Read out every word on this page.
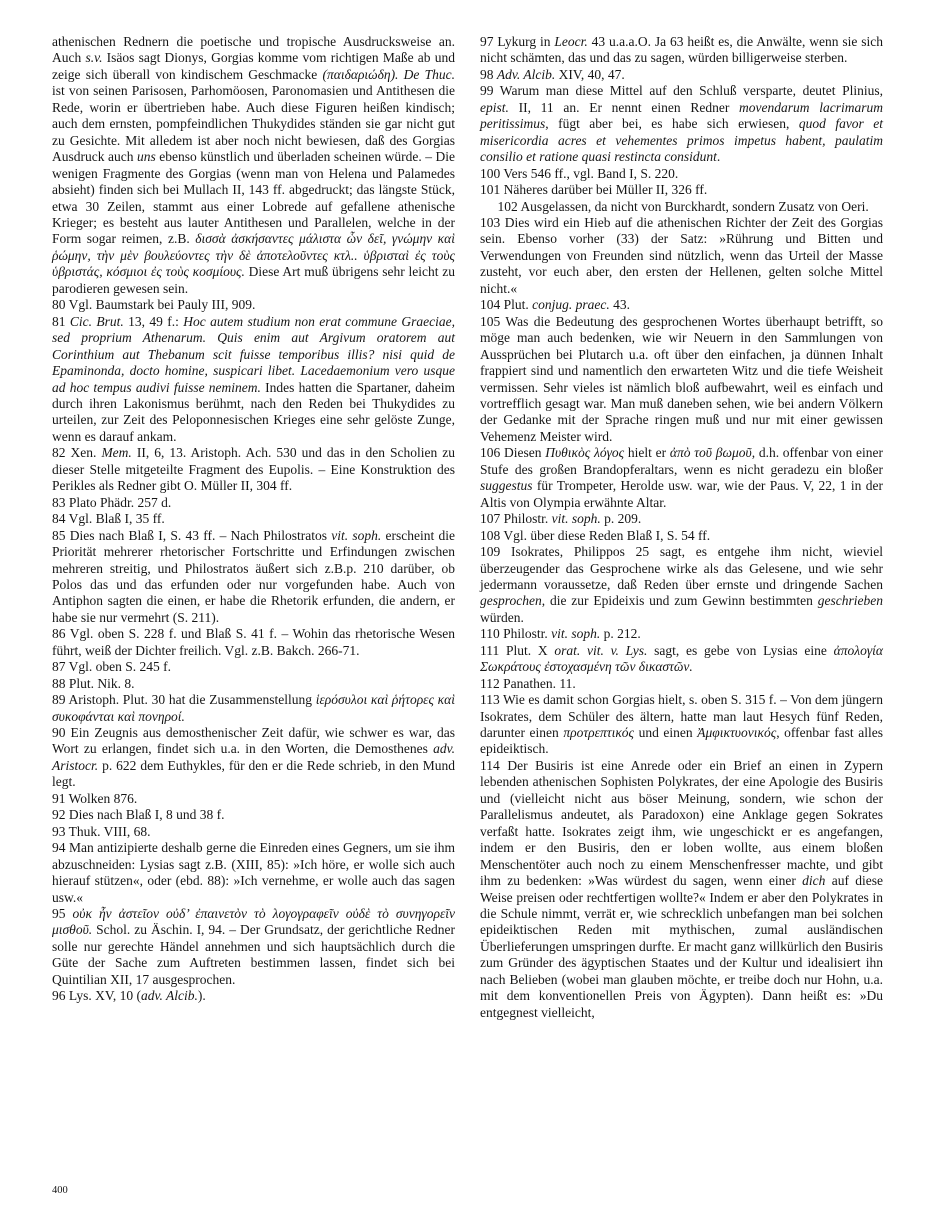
athenischen Rednern die poetische und tropische Ausdrucksweise an. Auch s.v. Isäos sagt Dionys, Gorgias komme vom richtigen Maße ab und zeige sich überall von kindischem Geschmacke (παιδαριώδη). De Thuc. ist von seinen Parisosen, Parhomöosen, Paronomasien und Antithesen die Rede, worin er übertrieben habe. Auch diese Figuren heißen kindisch; auch dem ernsten, pompfeindlichen Thukydides ständen sie gar nicht gut zu Gesichte. Mit alledem ist aber noch nicht bewiesen, daß des Gorgias Ausdruck auch uns ebenso künstlich und überladen scheinen würde. – Die wenigen Fragmente des Gorgias (wenn man von Helena und Palamedes absieht) finden sich bei Mullach II, 143 ff. abgedruckt; das längste Stück, etwa 30 Zeilen, stammt aus einer Lobrede auf gefallene athenische Krieger; es besteht aus lauter Antithesen und Parallelen, welche in der Form sogar reimen, z.B. δισσὰ ἀσκήσαντες μάλιστα ὧν δεῖ, γνώμην καὶ ῥώμην, τὴν μὲν βουλεύοντες τὴν δὲ ἀποτελοῦντες κτλ.. ὑβρισταὶ ἐς τοὺς ὑβριστάς, κόσμιοι ἐς τοὺς κοσμίους. Diese Art muß übrigens sehr leicht zu parodieren gewesen sein.

80 Vgl. Baumstark bei Pauly III, 909.

81 Cic. Brut. 13, 49 f.: Hoc autem studium non erat commune Graeciae, sed proprium Athenarum. Quis enim aut Argivum oratorem aut Corinthium aut Thebanum scit fuisse temporibus illis? nisi quid de Epaminonda, docto homine, suspicari libet. Lacedaemonium vero usque ad hoc tempus audivi fuisse neminem. Indes hatten die Spartaner, daheim durch ihren Lakonismus berühmt, nach den Reden bei Thukydides zu urteilen, zur Zeit des Peloponnesischen Krieges eine sehr gelöste Zunge, wenn es darauf ankam.

82 Xen. Mem. II, 6, 13. Aristoph. Ach. 530 und das in den Scholien zu dieser Stelle mitgeteilte Fragment des Eupolis. – Eine Konstruktion des Perikles als Redner gibt O. Müller II, 304 ff.

83 Plato Phädr. 257 d.

84 Vgl. Blaß I, 35 ff.

85 Dies nach Blaß I, S. 43 ff. – Nach Philostratos vit. soph. erscheint die Priorität mehrerer rhetorischer Fortschritte und Erfindungen zwischen mehreren streitig, und Philostratos äußert sich z.B.p. 210 darüber, ob Polos das und das erfunden oder nur vorgefunden habe. Auch von Antiphon sagten die einen, er habe die Rhetorik erfunden, die andern, er habe sie nur vermehrt (S. 211).

86 Vgl. oben S. 228 f. und Blaß S. 41 f. – Wohin das rhetorische Wesen führt, weiß der Dichter freilich. Vgl. z.B. Bakch. 266-71.

87 Vgl. oben S. 245 f.

88 Plut. Nik. 8.

89 Aristoph. Plut. 30 hat die Zusammenstellung ἱερόσυλοι καὶ ῥήτορες καὶ συκοφάνται καὶ πονηροί.

90 Ein Zeugnis aus demosthenischer Zeit dafür, wie schwer es war, das Wort zu erlangen, findet sich u.a. in den Worten, die Demosthenes adv. Aristocr. p. 622 dem Euthykles, für den er die Rede schrieb, in den Mund legt.

91 Wolken 876.

92 Dies nach Blaß I, 8 und 38 f.

93 Thuk. VIII, 68.

94 Man antizipierte deshalb gerne die Einreden eines Gegners, um sie ihm abzuschneiden: Lysias sagt z.B. (XIII, 85): »Ich höre, er wolle sich auch hierauf stützen«, oder (ebd. 88): »Ich vernehme, er wolle auch das sagen usw.«

95 οὐκ ἦν ἀστεῖον οὐδ’ ἐπαινετὸν τὸ λογογραφεῖν οὐδὲ τὸ συνηγορεῖν μισθοῦ. Schol. zu Äschin. I, 94. – Der Grundsatz, der gerichtliche Redner solle nur gerechte Händel annehmen und sich hauptsächlich durch die Güte der Sache zum Auftreten bestimmen lassen, findet sich bei Quintilian XII, 17 ausgesprochen.

96 Lys. XV, 10 (adv. Alcib.).

97 Lykurg in Leocr. 43 u.a.a.O. Ja 63 heißt es, die Anwälte, wenn sie sich nicht schämten, das und das zu sagen, würden billigerweise sterben.

98 Adv. Alcib. XIV, 40, 47.

99 Warum man diese Mittel auf den Schluß versparte, deutet Plinius, epist. II, 11 an. Er nennt einen Redner movendarum lacrimarum peritissimus, fügt aber bei, es habe sich erwiesen, quod favor et misericordia acres et vehementes primos impetus habent, paulatim consilio et ratione quasi restincta considunt.

100 Vers 546 ff., vgl. Band I, S. 220.

101 Näheres darüber bei Müller II, 326 ff.

102 Ausgelassen, da nicht von Burckhardt, sondern Zusatz von Oeri.

103 Dies wird ein Hieb auf die athenischen Richter der Zeit des Gorgias sein. Ebenso vorher (33) der Satz: »Rührung und Bitten und Verwendungen von Freunden sind nützlich, wenn das Urteil der Masse zusteht, vor euch aber, den ersten der Hellenen, gelten solche Mittel nicht.«

104 Plut. conjug. praec. 43.

105 Was die Bedeutung des gesprochenen Wortes überhaupt betrifft, so möge man auch bedenken, wie wir Neuern in den Sammlungen von Aussprüchen bei Plutarch u.a. oft über den einfachen, ja dünnen Inhalt frappiert sind und namentlich den erwarteten Witz und die tiefe Weisheit vermissen. Sehr vieles ist nämlich bloß aufbewahrt, weil es einfach und vortrefflich gesagt war. Man muß daneben sehen, wie bei andern Völkern der Gedanke mit der Sprache ringen muß und nur mit einer gewissen Vehemenz Meister wird.

106 Diesen Πυθικὸς λόγος hielt er ἀπὸ τοῦ βωμοῦ, d.h. offenbar von einer Stufe des großen Brandopferaltars, wenn es nicht geradezu ein bloßer suggestus für Trompeter, Herolde usw. war, wie der Paus. V, 22, 1 in der Altis von Olympia erwähnte Altar.

107 Philostr. vit. soph. p. 209.

108 Vgl. über diese Reden Blaß I, S. 54 ff.

109 Isokrates, Philippos 25 sagt, es entgehe ihm nicht, wieviel überzeugender das Gesprochene wirke als das Gelesene, und wie sehr jedermann voraussetze, daß Reden über ernste und dringende Sachen gesprochen, die zur Epideixis und zum Gewinn bestimmten geschrieben würden.

110 Philostr. vit. soph. p. 212.

111 Plut. X orat. vit. v. Lys. sagt, es gebe von Lysias eine ἀπολογία Σωκράτους ἐστοχασμένη τῶν δικαστῶν.

112 Panathen. 11.

113 Wie es damit schon Gorgias hielt, s. oben S. 315 f. – Von dem jüngern Isokrates, dem Schüler des ältern, hatte man laut Hesych fünf Reden, darunter einen προτρεπτικός und einen Ἀμφικτυονικός, offenbar fast alles epideiktisch.

114 Der Busiris ist eine Anrede oder ein Brief an einen in Zypern lebenden athenischen Sophisten Polykrates, der eine Apologie des Busiris und (vielleicht nicht aus böser Meinung, sondern, wie schon der Parallelismus andeutet, als Paradoxon) eine Anklage gegen Sokrates verfaßt hatte. Isokrates zeigt ihm, wie ungeschickt er es angefangen, indem er den Busiris, den er loben wollte, aus einem bloßen Menschentöter auch noch zu einem Menschenfresser machte, und gibt ihm zu bedenken: »Was würdest du sagen, wenn einer dich auf diese Weise preisen oder rechtfertigen wollte?« Indem er aber den Polykrates in die Schule nimmt, verrät er, wie schrecklich unbefangen man bei solchen epideiktischen Reden mit mythischen, zumal ausländischen Überlieferungen umspringen durfte. Er macht ganz willkürlich den Busiris zum Gründer des ägyptischen Staates und der Kultur und idealisiert ihn nach Belieben (wobei man glauben möchte, er treibe doch nur Hohn, u.a. mit dem konventionellen Preis von Ägypten). Dann heißt es: »Du entgegnest vielleicht,

400
